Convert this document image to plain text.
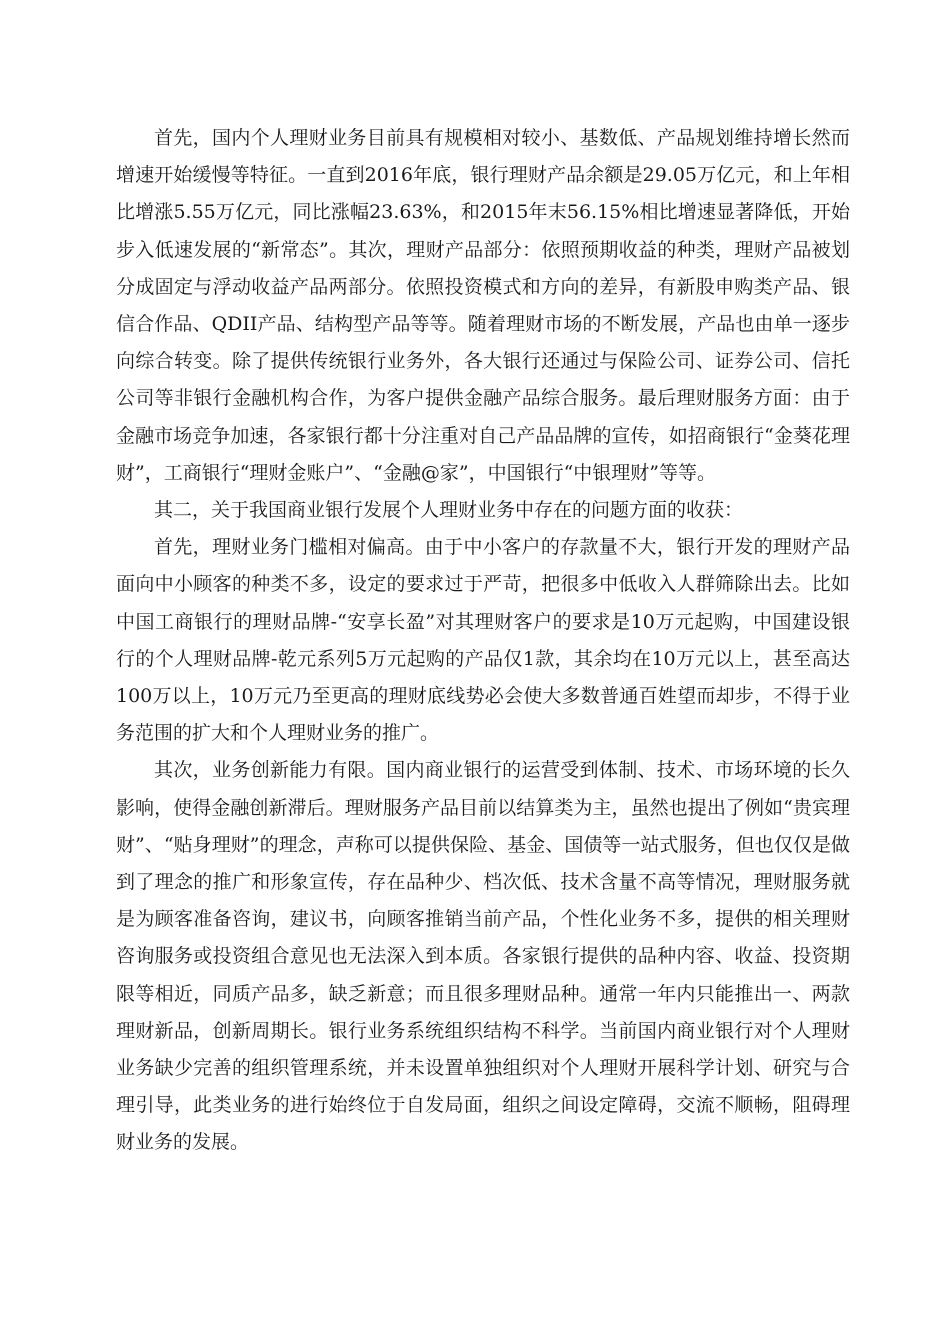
首先，国内个人理财业务目前具有规模相对较小、基数低、产品规划维持增长然而增速开始缓慢等特征。一直到2016年底，银行理财产品余额是29.05万亿元，和上年相比增涨5.55万亿元，同比涨幅23.63%，和2015年末56.15%相比增速显著降低，开始步入低速发展的“新常态”。其次，理财产品部分：依照预期收益的种类，理财产品被划分成固定与浮动收益产品两部分。依照投资模式和方向的差异，有新股申购类产品、银信合作品、QDII产品、结构型产品等等。随着理财市场的不断发展，产品也由单一逐步向综合转变。除了提供传统银行业务外，各大银行还通过与保险公司、证券公司、信托公司等非银行金融机构合作，为客户提供金融产品综合服务。最后理财服务方面：由于金融市场竞争加速，各家银行都十分注重对自己产品品牌的宣传，如招商银行“金葵花理财”，工商银行“理财金账户”、“金融@家”，中国银行“中银理财”等等。

其二，关于我国商业银行发展个人理财业务中存在的问题方面的收获：

首先，理财业务门槛相对偏高。由于中小客户的存款量不大，银行开发的理财产品面向中小顾客的种类不多，设定的要求过于严苛，把很多中低收入人群筛除出去。比如中国工商银行的理财品牌-“安享长盈”对其理财客户的要求是10万元起购，中国建设银行的个人理财品牌-乾元系列5万元起购的产品仅1款，其余均在10万元以上，甚至高达100万以上，10万元乃至更高的理财底线势必会使大多数普通百姓望而却步，不得于业务范围的扩大和个人理财业务的推广。

其次，业务创新能力有限。国内商业银行的运营受到体制、技术、市场环境的长久影响，使得金融创新滞后。理财服务产品目前以结算类为主，虽然也提出了例如“贵宾理财”、“贴身理财”的理念，声称可以提供保险、基金、国债等一站式服务，但也仅仅是做到了理念的推广和形象宣传，存在品种少、档次低、技术含量不高等情况，理财服务就是为顾客准备咨询，建议书，向顾客推销当前产品，个性化业务不多，提供的相关理财咨询服务或投资组合意见也无法深入到本质。各家银行提供的品种内容、收益、投资期限等相近，同质产品多，缺乏新意；而且很多理财品种。通常一年内只能推出一、两款理财新品，创新周期长。银行业务系统组织结构不科学。当前国内商业银行对个人理财业务缺少完善的组织管理系统，并未设置单独组织对个人理财开展科学计划、研究与合理引导，此类业务的进行始终位于自发局面，组织之间设定障碍，交流不顺畅，阻碍理财业务的发展。
